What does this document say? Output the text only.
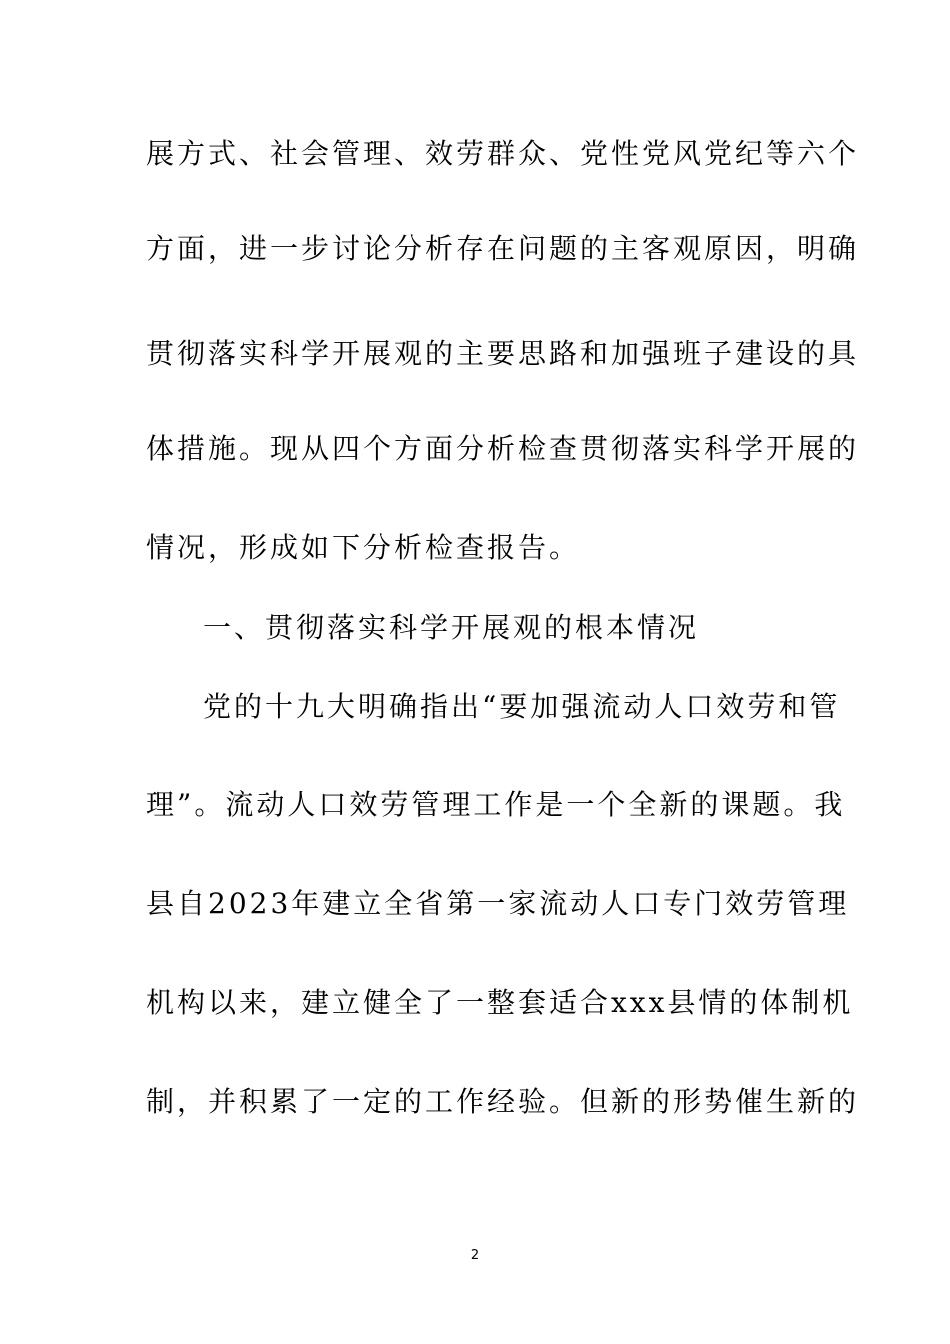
展方式、社会管理、效劳群众、党性党风党纪等六个
方面，进一步讨论分析存在问题的主客观原因，明确
贯彻落实科学开展观的主要思路和加强班子建设的具
体措施。现从四个方面分析检查贯彻落实科学开展的
情况，形成如下分析检查报告。
一、贯彻落实科学开展观的根本情况
党的十九大明确指出“要加强流动人口效劳和管
理”。流动人口效劳管理工作是一个全新的课题。我
县自2023年建立全省第一家流动人口专门效劳管理
机构以来，建立健全了一整套适合xxx县情的体制机
制，并积累了一定的工作经验。但新的形势催生新的
2
